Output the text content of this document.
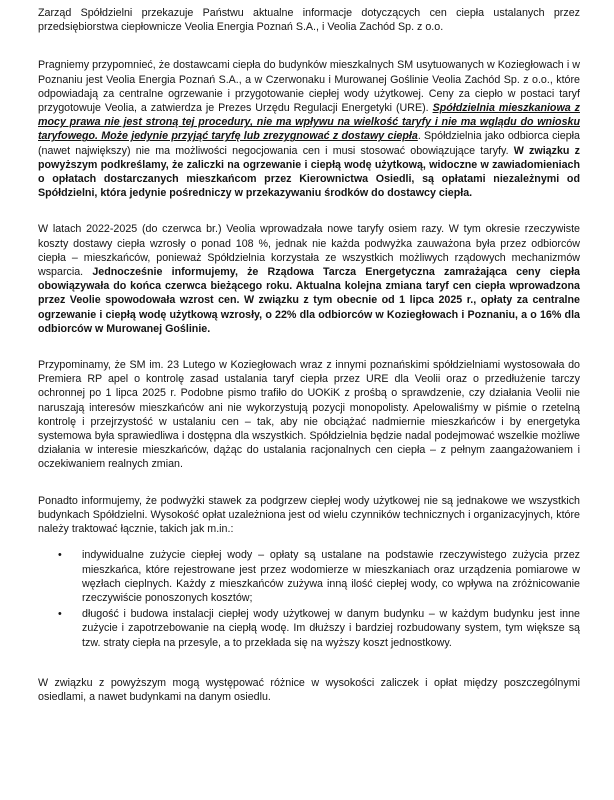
Zarząd Spółdzielni przekazuje Państwu aktualne informacje dotyczących cen ciepła ustalanych przez przedsiębiorstwa ciepłownicze Veolia Energia Poznań S.A., i Veolia Zachód Sp. z o.o.

Pragniemy przypomnieć, że dostawcami ciepła do budynków mieszkalnych SM usytuowanych w Koziegłowach i w Poznaniu jest Veolia Energia Poznań S.A., a w Czerwonaku i Murowanej Goślinie Veolia Zachód Sp. z o.o., które odpowiadają za centralne ogrzewanie i przygotowanie ciepłej wody użytkowej. Ceny za ciepło w postaci taryf przygotowuje Veolia, a zatwierdza je Prezes Urzędu Regulacji Energetyki (URE). Spółdzielnia mieszkaniowa z mocy prawa nie jest stroną tej procedury, nie ma wpływu na wielkość taryfy i nie ma wglądu do wniosku taryfowego. Może jedynie przyjąć taryfę lub zrezygnować z dostawy ciepła. Spółdzielnia jako odbiorca ciepła (nawet największy) nie ma możliwości negocjowania cen i musi stosować obowiązujące taryfy. W związku z powyższym podkreślamy, że zaliczki na ogrzewanie i ciepłą wodę użytkową, widoczne w zawiadomieniach o opłatach dostarczanych mieszkańcom przez Kierownictwa Osiedli, są opłatami niezależnymi od Spółdzielni, która jedynie pośredniczy w przekazywaniu środków do dostawcy ciepła.

W latach 2022-2025 (do czerwca br.) Veolia wprowadzała nowe taryfy osiem razy. W tym okresie rzeczywiste koszty dostawy ciepła wzrosły o ponad 108 %, jednak nie każda podwyżka zauważona była przez odbiorców ciepła – mieszkańców, ponieważ Spółdzielnia korzystała ze wszystkich możliwych rządowych mechanizmów wsparcia. Jednocześnie informujemy, że Rządowa Tarcza Energetyczna zamrażająca ceny ciepła obowiązywała do końca czerwca bieżącego roku. Aktualna kolejna zmiana taryf cen ciepła wprowadzona przez Veolie spowodowała wzrost cen. W związku z tym obecnie od 1 lipca 2025 r., opłaty za centralne ogrzewanie i ciepłą wodę użytkową wzrosły, o 22% dla odbiorców w Koziegłowach i Poznaniu, a o 16% dla odbiorców w Murowanej Goślinie.

Przypominamy, że SM im. 23 Lutego w Koziegłowach wraz z innymi poznańskimi spółdzielniami wystosowała do Premiera RP apel o kontrolę zasad ustalania taryf ciepła przez URE dla Veolii oraz o przedłużenie tarczy ochronnej po 1 lipca 2025 r. Podobne pismo trafiło do UOKiK z prośbą o sprawdzenie, czy działania Veolii nie naruszają interesów mieszkańców ani nie wykorzystują pozycji monopolisty. Apelowaliśmy w piśmie o rzetelną kontrolę i przejrzystość w ustalaniu cen – tak, aby nie obciążać nadmiernie mieszkańców i by energetyka systemowa była sprawiedliwa i dostępna dla wszystkich. Spółdzielnia będzie nadal podejmować wszelkie możliwe działania w interesie mieszkańców, dążąc do ustalania racjonalnych cen ciepła – z pełnym zaangażowaniem i oczekiwaniem realnych zmian.

Ponadto informujemy, że podwyżki stawek za podgrzew ciepłej wody użytkowej nie są jednakowe we wszystkich budynkach Spółdzielni. Wysokość opłat uzależniona jest od wielu czynników technicznych i organizacyjnych, które należy traktować łącznie, takich jak m.in.:

• indywidualne zużycie ciepłej wody – opłaty są ustalane na podstawie rzeczywistego zużycia przez mieszkańca, które rejestrowane jest przez wodomierze w mieszkaniach oraz urządzenia pomiarowe w węzłach cieplnych. Każdy z mieszkańców zużywa inną ilość ciepłej wody, co wpływa na zróżnicowanie rzeczywiście ponoszonych kosztów;
• długość i budowa instalacji ciepłej wody użytkowej w danym budynku – w każdym budynku jest inne zużycie i zapotrzebowanie na ciepłą wodę. Im dłuższy i bardziej rozbudowany system, tym większe są tzw. straty ciepła na przesyle, a to przekłada się na wyższy koszt jednostkowy.

W związku z powyższym mogą występować różnice w wysokości zaliczek i opłat między poszczególnymi osiedlami, a nawet budynkami na danym osiedlu.
